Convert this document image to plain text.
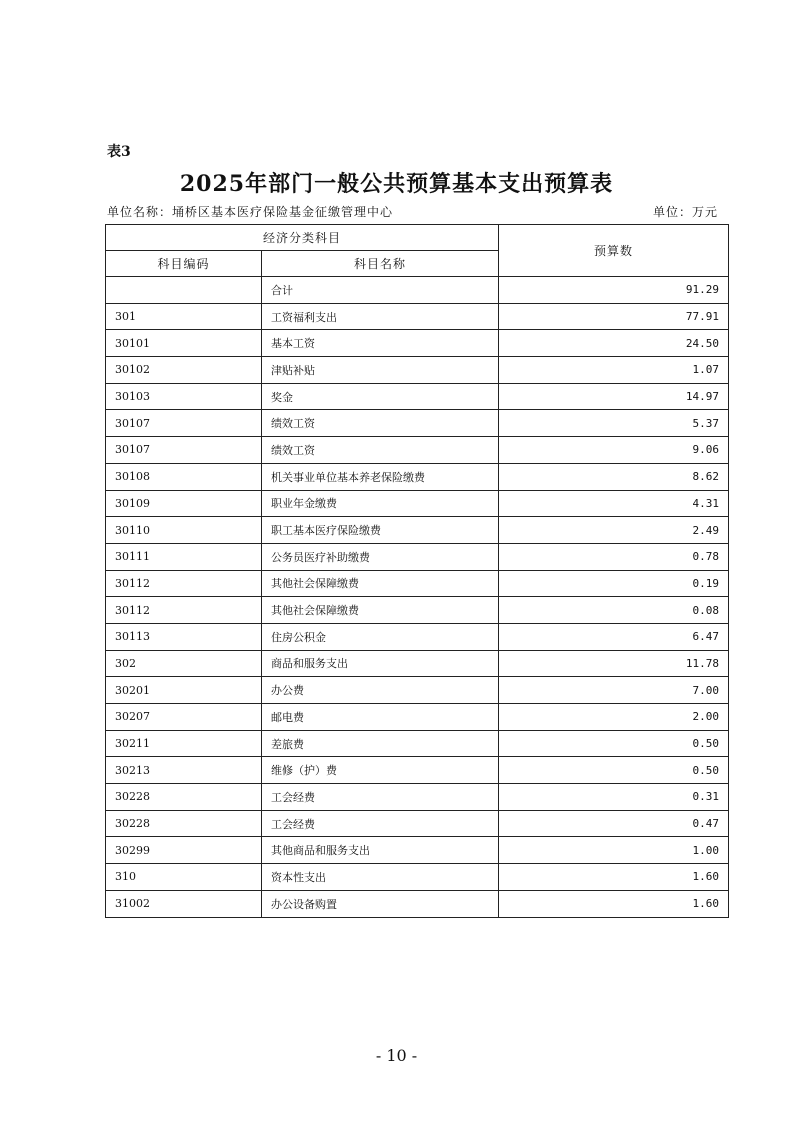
表3
2025年部门一般公共预算基本支出预算表
单位名称：埇桥区基本医疗保险基金征缴管理中心	单位：万元
经济分类科目		预算数
科目编码	科目名称	
	合计	91.29
301	工资福利支出	77.91
30101	基本工资	24.50
30102	津贴补贴	1.07
30103	奖金	14.97
30107	绩效工资	5.37
30107	绩效工资	9.06
30108	机关事业单位基本养老保险缴费	8.62
30109	职业年金缴费	4.31
30110	职工基本医疗保险缴费	2.49
30111	公务员医疗补助缴费	0.78
30112	其他社会保障缴费	0.19
30112	其他社会保障缴费	0.08
30113	住房公积金	6.47
302	商品和服务支出	11.78
30201	办公费	7.00
30207	邮电费	2.00
30211	差旅费	0.50
30213	维修（护）费	0.50
30228	工会经费	0.31
30228	工会经费	0.47
30299	其他商品和服务支出	1.00
310	资本性支出	1.60
31002	办公设备购置	1.60
- 10 -
